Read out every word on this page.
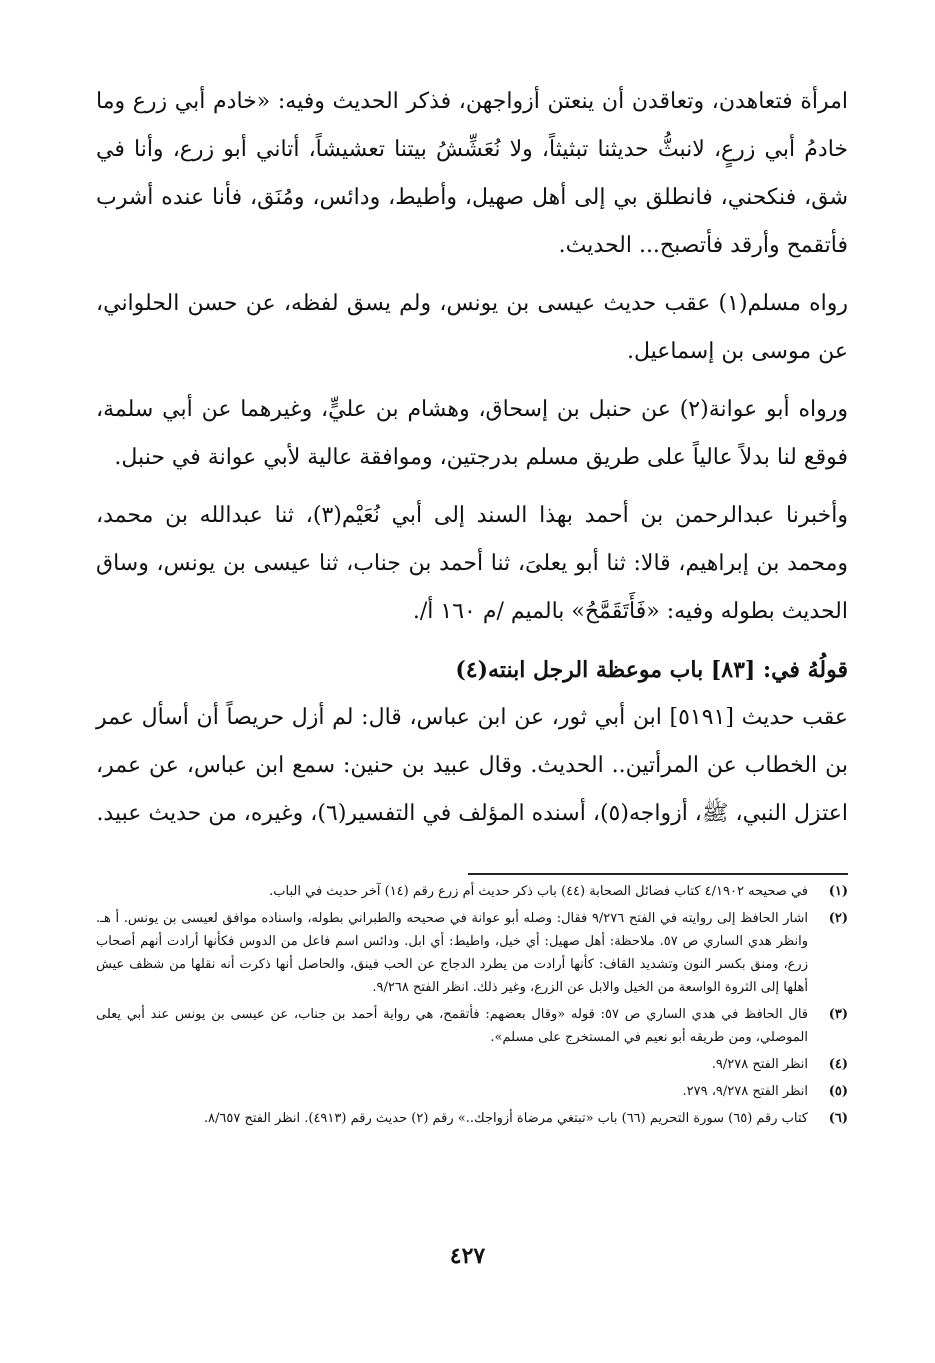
امرأة فتعاهدن، وتعاقدن أن ينعتن أزواجهن، فذكر الحديث وفيه: «خادم أبي زرع وما خادمُ أبي زرعٍ، لانبثُّ حديثنا تبثيثاً، ولا نُعَشِّشُ بيتنا تعشيشاً، أتاني أبو زرع، وأنا في شق، فنكحني، فانطلق بي إلى أهل صهيل، وأطيط، ودائس، ومُنَق، فأنا عنده أشرب فأتقمح وأرقد فأتصبح... الحديث.

رواه مسلم(١) عقب حديث عيسى بن يونس، ولم يسق لفظه، عن حسن الحلواني، عن موسى بن إسماعيل.

ورواه أبو عوانة(٢) عن حنبل بن إسحاق، وهشام بن عليٍّ، وغيرهما عن أبي سلمة، فوقع لنا بدلاً عالياً على طريق مسلم بدرجتين، وموافقة عالية لأبي عوانة في حنبل.

وأخبرنا عبدالرحمن بن أحمد بهذا السند إلى أبي نُعَيْم(٣)، ثنا عبدالله بن محمد، ومحمد بن إبراهيم، قالا: ثنا أبو يعلىَ، ثنا أحمد بن جناب، ثنا عيسى بن يونس، وساق الحديث بطوله وفيه: «فَأَتَقَمَّحُ» بالميم /م ١٦٠ أ/.

قولُهُ في: [٨٣] باب موعظة الرجل ابنته(٤)

عقب حديث [٥١٩١] ابن أبي ثور، عن ابن عباس، قال: لم أزل حريصاً أن أسأل عمر بن الخطاب عن المرأتين.. الحديث. وقال عبيد بن حنين: سمع ابن عباس، عن عمر، اعتزل النبي، ﷺ، أزواجه(٥)، أسنده المؤلف في التفسير(٦)، وغيره، من حديث عبيد.

(١)
في صحيحه ٤/١٩٠٢ كتاب فضائل الصحابة (٤٤) باب ذكر حديث أم زرع رقم (١٤) آخر حديث في الباب.
(٢)
اشار الحافظ إلى روايته في الفتح ٩/٢٧٦ فقال: وصله أبو عوانة في صحيحه والطبراني بطوله، واسناده موافق لعيسى بن يونس. أ هـ. وانظر هدي الساري ص ٥٧. ملاحظة: أهل صهيل: أي خيل، واطيط: أي ابل. ودائس اسم فاعل من الدوس فكأنها أرادت أنهم أصحاب زرع، ومنق بكسر النون وتشديد القاف: كأنها أرادت من يطرد الدجاج عن الحب فينق، والحاصل أنها ذكرت أنه نقلها من شظف عيش أهلها إلى الثروة الواسعة من الخيل والابل عن الزرع، وغير ذلك. انظر الفتح ٩/٢٦٨.
(٣)
قال الحافظ في هدي الساري ص ٥٧: قوله «وقال بعضهم: فأتقمح، هي رواية أحمد بن جناب، عن عيسى بن يونس عند أبي يعلى الموصلي، ومن طريقه أبو نعيم في المستخرج على مسلم».
(٤)
انظر الفتح ٩/٢٧٨.
(٥)
انظر الفتح ٩/٢٧٨، ٢٧٩.
(٦)
كتاب رقم (٦٥) سورة التحريم (٦٦) باب «تبتغي مرضاة أزواجك..» رقم (٢) حديث رقم (٤٩١٣). انظر الفتح ٨/٦٥٧.
٤٢٧
